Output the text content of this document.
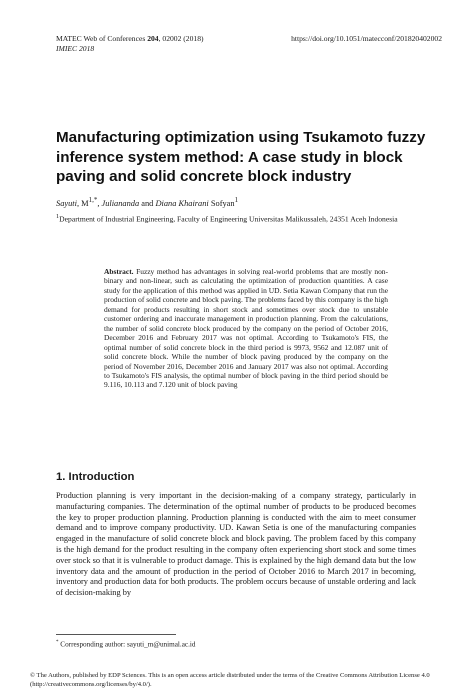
MATEC Web of Conferences 204, 02002 (2018)	https://doi.org/10.1051/matecconf/201820402002
IMIEC 2018
Manufacturing optimization using Tsukamoto fuzzy inference system method: A case study in block paving and solid concrete block industry
Sayuti, $M^{1,*}$, Juliananda and Diana Khairani Sofyan$^1$
$^1$Department of Industrial Engineering, Faculty of Engineering Universitas Malikussaleh, 24351 Aceh Indonesia
Abstract. Fuzzy method has advantages in solving real-world problems that are mostly non-binary and non-linear, such as calculating the optimization of production quantities. A case study for the application of this method was applied in UD. Setia Kawan Company that run the production of solid concrete and block paving. The problems faced by this company is the high demand for products resulting in short stock and sometimes over stock due to unstable customer ordering and inaccurate management in production planning. From the calculations, the number of solid concrete block produced by the company on the period of October 2016, December 2016 and February 2017 was not optimal. According to Tsukamoto's FIS, the optimal number of solid concrete block in the third period is 9973, 9562 and 12.087 unit of solid concrete block. While the number of block paving produced by the company on the period of November 2016, December 2016 and January 2017 was also not optimal. According to Tsukamoto's FIS analysis, the optimal number of block paving in the third period should be 9.116, 10.113 and 7.120 unit of block paving
1. Introduction
Production planning is very important in the decision-making of a company strategy, particularly in manufacturing companies. The determination of the optimal number of products to be produced becomes the key to proper production planning. Production planning is conducted with the aim to meet consumer demand and to improve company productivity. UD. Kawan Setia is one of the manufacturing companies engaged in the manufacture of solid concrete block and block paving. The problem faced by this company is the high demand for the product resulting in the company often experiencing short stock and some times over stock so that it is vulnerable to product damage. This is explained by the high demand data but the low inventory data and the amount of production in the period of October 2016 to March 2017 in becoming, inventory and production data for both products. The problem occurs because of unstable ordering and lack of decision-making by
* Corresponding author: sayuti_m@unimal.ac.id
© The Authors, published by EDP Sciences. This is an open access article distributed under the terms of the Creative Commons Attribution License 4.0 (http://creativecommons.org/licenses/by/4.0/).
